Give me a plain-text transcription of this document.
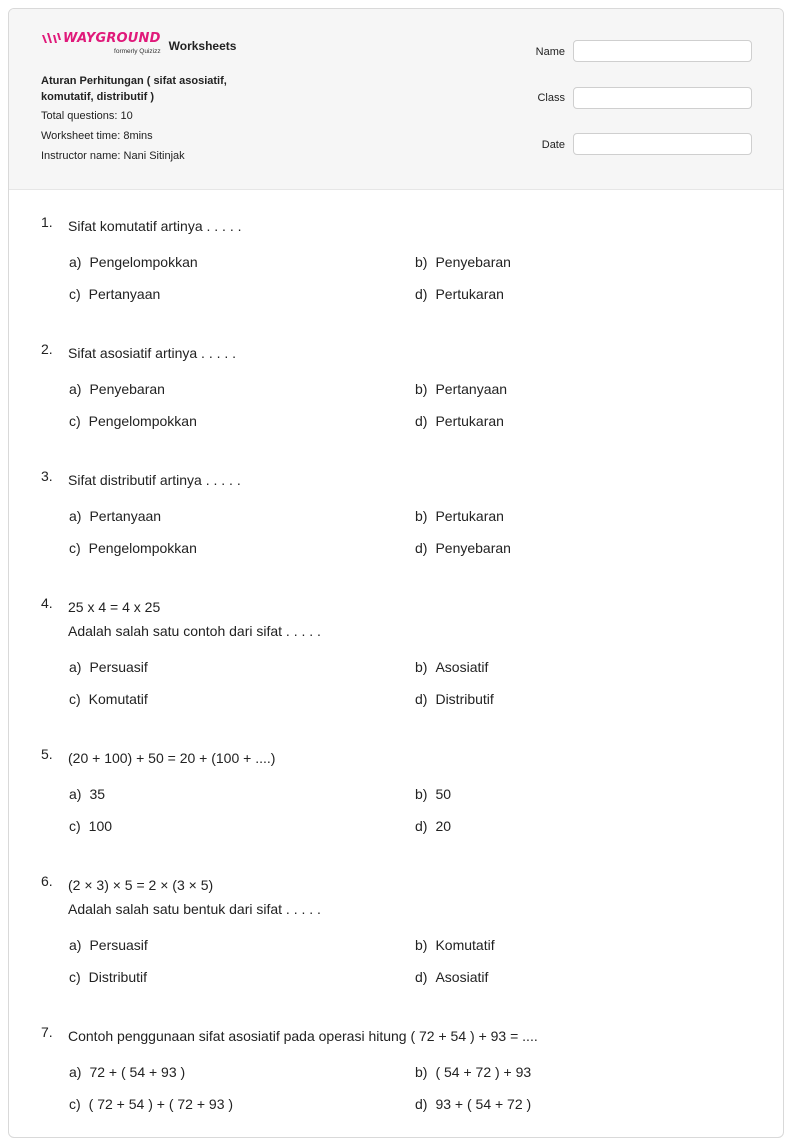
WAYGROUND
formerly Quizizz Worksheets
Aturan Perhitungan ( sifat asosiatif,
komutatif, distributif )
Total questions: 10
Worksheet time: 8mins
Instructor name: Nani Sitinjak
Name
Class
Date
1. Sifat komutatif artinya . . . . .
a) Pengelompokkan	b) Penyebaran
c) Pertanyaan	d) Pertukaran
2. Sifat asosiatif artinya . . . . .
a) Penyebaran	b) Pertanyaan
c) Pengelompokkan	d) Pertukaran
3. Sifat distributif artinya . . . . .
a) Pertanyaan	b) Pertukaran
c) Pengelompokkan	d) Penyebaran
4. 25 x 4 = 4 x 25
Adalah salah satu contoh dari sifat . . . . .
a) Persuasif	b) Asosiatif
c) Komutatif	d) Distributif
5. (20 + 100) + 50 = 20 + (100 + ....)
a) 35	b) 50
c) 100	d) 20
6. (2 × 3) × 5 = 2 × (3 × 5)
Adalah salah satu bentuk dari sifat . . . . .
a) Persuasif	b) Komutatif
c) Distributif	d) Asosiatif
7. Contoh penggunaan sifat asosiatif pada operasi hitung ( 72 + 54 ) + 93 = ....
a) 72 + ( 54 + 93 )	b) ( 54 + 72 ) + 93
c) ( 72 + 54 ) + ( 72 + 93 )	d) 93 + ( 54 + 72 )
